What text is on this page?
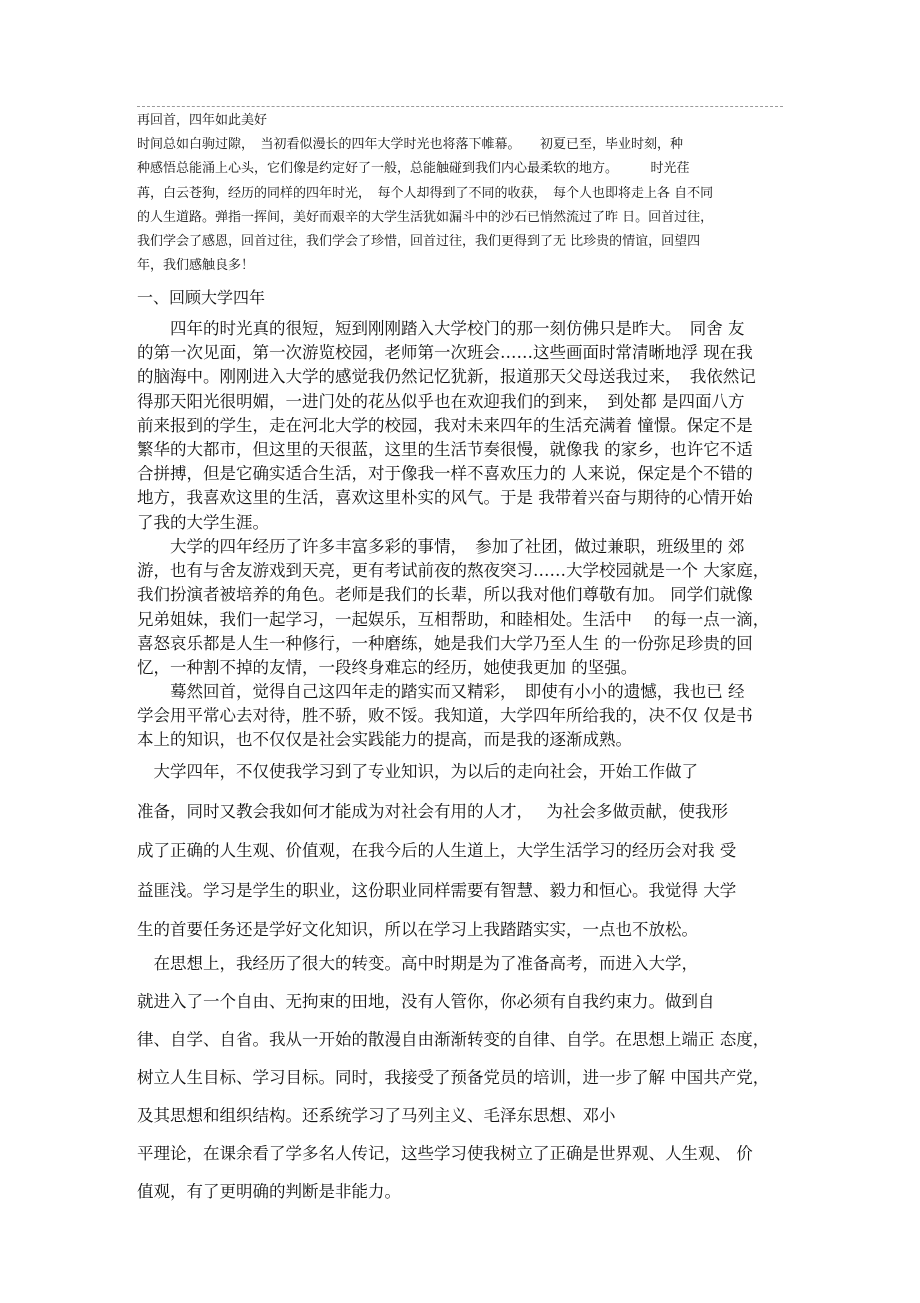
再回首，四年如此美好
时间总如白驹过隙，　当初看似漫长的四年大学时光也将落下帷幕。　　初夏已至，毕业时刻，种
种感悟总能涌上心头，它们像是约定好了一般，总能触碰到我们内心最柔软的地方。　　　时光荏
苒，白云苍狗，经历的同样的四年时光，　每个人却得到了不同的收获，　每个人也即将走上各 自不同
的人生道路。弹指一挥间，美好而艰辛的大学生活犹如漏斗中的沙石已悄然流过了昨 日。回首过往，
我们学会了感恩，回首过往，我们学会了珍惜，回首过往，我们更得到了无 比珍贵的情谊，回望四
年，我们感触良多！
一、回顾大学四年
　　四年的时光真的很短，短到刚刚踏入大学校门的那一刻仿佛只是昨大。　同舍 友
的第一次见面，第一次游览校园，老师第一次班会……这些画面时常清晰地浮 现在我
的脑海中。刚刚进入大学的感觉我仍然记忆犹新，报道那天父母送我过来，　我依然记
得那天阳光很明媚，一进门处的花丛似乎也在欢迎我们的到来，　到处都 是四面八方
前来报到的学生，走在河北大学的校园，我对未来四年的生活充满着 憧憬。保定不是
繁华的大都市，但这里的天很蓝，这里的生活节奏很慢，就像我 的家乡，也许它不适
合拼搏，但是它确实适合生活，对于像我一样不喜欢压力的 人来说，保定是个不错的
地方，我喜欢这里的生活，喜欢这里朴实的风气。于是 我带着兴奋与期待的心情开始
了我的大学生涯。
　　大学的四年经历了许多丰富多彩的事情，　参加了社团，做过兼职，班级里的 郊
游，也有与舍友游戏到天亮，更有考试前夜的熬夜突习……大学校园就是一个 大家庭，
我们扮演者被培养的角色。老师是我们的长辈，所以我对他们尊敬有加。 同学们就像
兄弟姐妹，我们一起学习，一起娱乐，互相帮助，和睦相处。生活中　 的每一点一滴，
喜怒哀乐都是人生一种修行，一种磨练，她是我们大学乃至人生 的一份弥足珍贵的回
忆，一种割不掉的友情，一段终身难忘的经历，她使我更加 的坚强。
　　蓦然回首，觉得自己这四年走的踏实而又精彩，　即使有小小的遗憾，我也已 经
学会用平常心去对待，胜不骄，败不馁。我知道，大学四年所给我的，决不仅 仅是书
本上的知识，也不仅仅是社会实践能力的提高，而是我的逐渐成熟。
　大学四年，不仅使我学习到了专业知识，为以后的走向社会，开始工作做了
准备，同时又教会我如何才能成为对社会有用的人才，　 为社会多做贡献，使我形
成了正确的人生观、价值观，在我今后的人生道上，大学生活学习的经历会对我 受
益匪浅。学习是学生的职业，这份职业同样需要有智慧、毅力和恒心。我觉得 大学
生的首要任务还是学好文化知识，所以在学习上我踏踏实实，一点也不放松。
　在思想上，我经历了很大的转变。高中时期是为了准备高考，而进入大学，
就进入了一个自由、无拘束的田地，没有人管你，你必须有自我约束力。做到自
律、自学、自省。我从一开始的散漫自由渐渐转变的自律、自学。在思想上端正 态度，
树立人生目标、学习目标。同时，我接受了预备党员的培训，进一步了解 中国共产党，
及其思想和组织结构。还系统学习了马列主义、毛泽东思想、邓小
平理论，在课余看了学多名人传记，这些学习使我树立了正确是世界观、人生观、 价
值观，有了更明确的判断是非能力。
